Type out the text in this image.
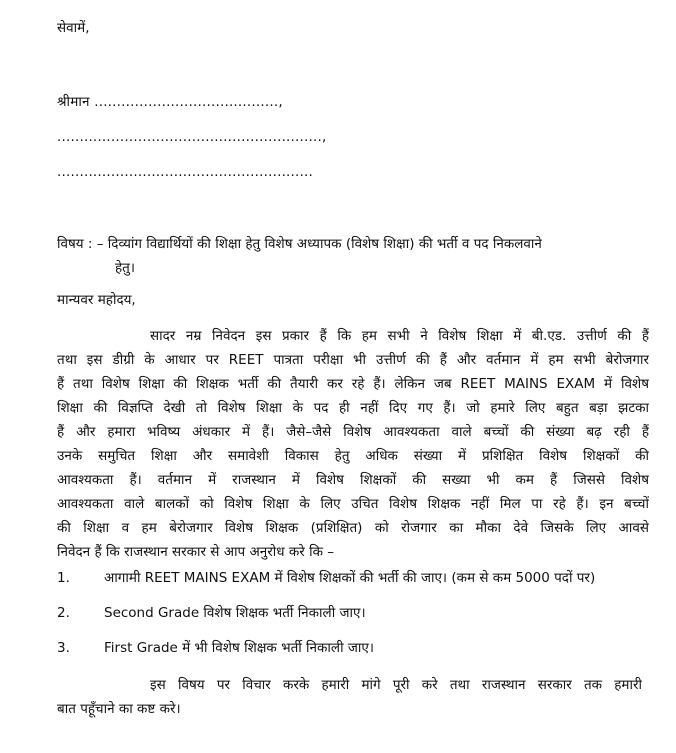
सेवामें,
श्रीमान .........................................,
...........................................................,
.........................................................
विषय : – दिव्यांग विद्यार्थियों की शिक्षा हेतु विशेष अध्यापक (विशेष शिक्षा) की भर्ती व पद निकलवाने
हेतु।
मान्यवर महोदय,
सादर नम्र निवेदन इस प्रकार हैं कि हम सभी ने विशेष शिक्षा में बी.एड. उत्तीर्ण की हैं
तथा इस डीग्री के आधार पर REET पात्रता परीक्षा भी उत्तीर्ण की हैं और वर्तमान में हम सभी बेरोजगार
हैं तथा विशेष शिक्षा की शिक्षक भर्ती की तैयारी कर रहे हैं। लेकिन जब REET MAINS EXAM में विशेष
शिक्षा की विज्ञप्ति देखी तो विशेष शिक्षा के पद ही नहीं दिए गए हैं। जो हमारे लिए बहुत बड़ा झटका
हैं और हमारा भविष्य अंधकार में हैं। जैसे–जैसे विशेष आवश्यकता वाले बच्चों की संख्या बढ़ रही हैं
उनके समुचित शिक्षा और समावेशी विकास हेतु अधिक संख्या में प्रशिक्षित विशेष शिक्षकों की
आवश्यकता हैं। वर्तमान में राजस्थान में विशेष शिक्षकों की सख्या भी कम हैं जिससे विशेष
आवश्यकता वाले बालकों को विशेष शिक्षा के लिए उचित विशेष शिक्षक नहीं मिल पा रहे हैं। इन बच्चों
की शिक्षा व हम बेरोजगार विशेष शिक्षक (प्रशिक्षित) को रोजगार का मौका देवे जिसके लिए आवसे
निवेदन हैं कि राजस्थान सरकार से आप अनुरोध करे कि –
1.	आगामी REET MAINS EXAM में विशेष शिक्षकों की भर्ती की जाए। (कम से कम 5000 पदों पर)
2.	Second Grade विशेष शिक्षक भर्ती निकाली जाए।
3.	First Grade में भी विशेष शिक्षक भर्ती निकाली जाए।
इस विषय पर विचार करके हमारी मांगे पूरी करे तथा राजस्थान सरकार तक हमारी
बात पहूँचाने का कष्ट करे।
